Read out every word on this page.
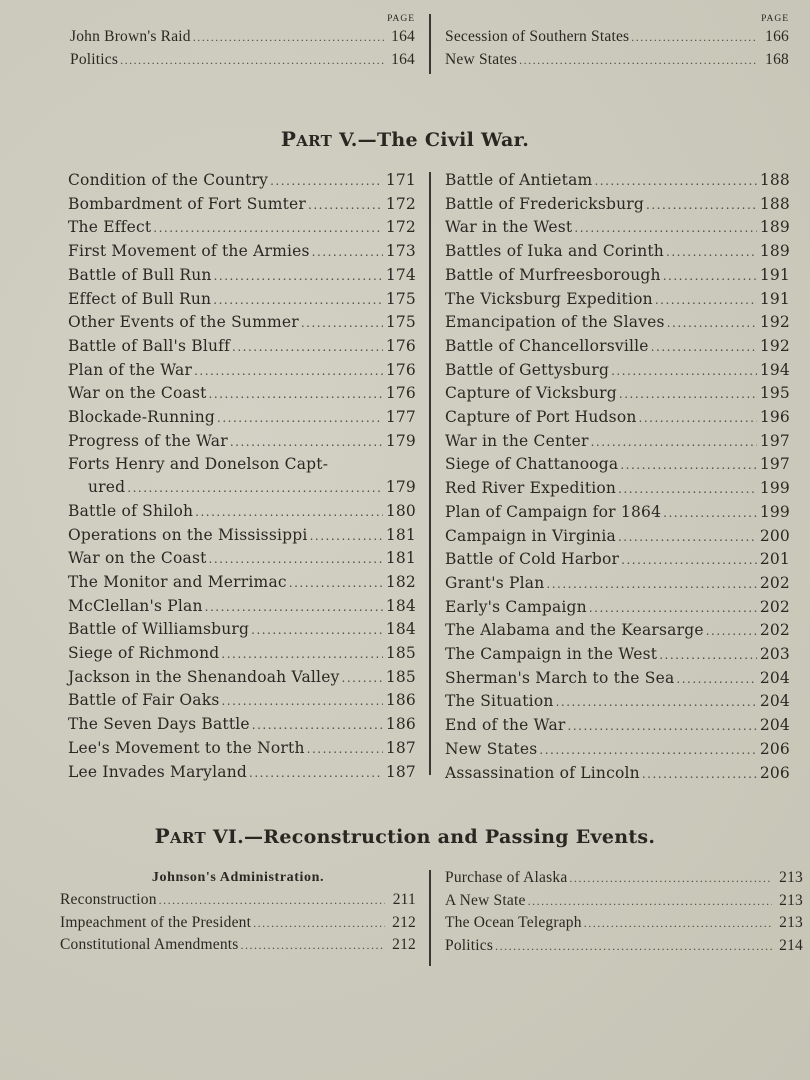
PAGE
John Brown's Raid .....	164
Politics .....	164
PAGE
Secession of Southern States .....	166
New States .....	168
PART V.—The Civil War.
Condition of the Country .....	171
Bombardment of Fort Sumter .....	172
The Effect .....	172
First Movement of the Armies .....	173
Battle of Bull Run .....	174
Effect of Bull Run .....	175
Other Events of the Summer .....	175
Battle of Ball's Bluff .....	176
Plan of the War .....	176
War on the Coast .....	176
Blockade-Running .....	177
Progress of the War .....	179
Forts Henry and Donelson Capt-
ured .....	179
Battle of Shiloh .....	180
Operations on the Mississippi .....	181
War on the Coast .....	181
The Monitor and Merrimac .....	182
McClellan's Plan .....	184
Battle of Williamsburg .....	184
Siege of Richmond .....	185
Jackson in the Shenandoah Valley .....	185
Battle of Fair Oaks .....	186
The Seven Days Battle .....	186
Lee's Movement to the North .....	187
Lee Invades Maryland .....	187
Battle of Antietam .....	188
Battle of Fredericksburg .....	188
War in the West .....	189
Battles of Iuka and Corinth .....	189
Battle of Murfreesborough .....	191
The Vicksburg Expedition .....	191
Emancipation of the Slaves .....	192
Battle of Chancellorsville .....	192
Battle of Gettysburg .....	194
Capture of Vicksburg .....	195
Capture of Port Hudson .....	196
War in the Center .....	197
Siege of Chattanooga .....	197
Red River Expedition .....	199
Plan of Campaign for 1864 .....	199
Campaign in Virginia .....	200
Battle of Cold Harbor .....	201
Grant's Plan .....	202
Early's Campaign .....	202
The Alabama and the Kearsarge .....	202
The Campaign in the West .....	203
Sherman's March to the Sea .....	204
The Situation .....	204
End of the War .....	204
New States .....	206
Assassination of Lincoln .....	206
PART VI.—Reconstruction and Passing Events.
Johnson's Administration.
Reconstruction .....	211
Impeachment of the President .....	212
Constitutional Amendments .....	212
Purchase of Alaska .....	213
A New State .....	213
The Ocean Telegraph .....	213
Politics .....	214
